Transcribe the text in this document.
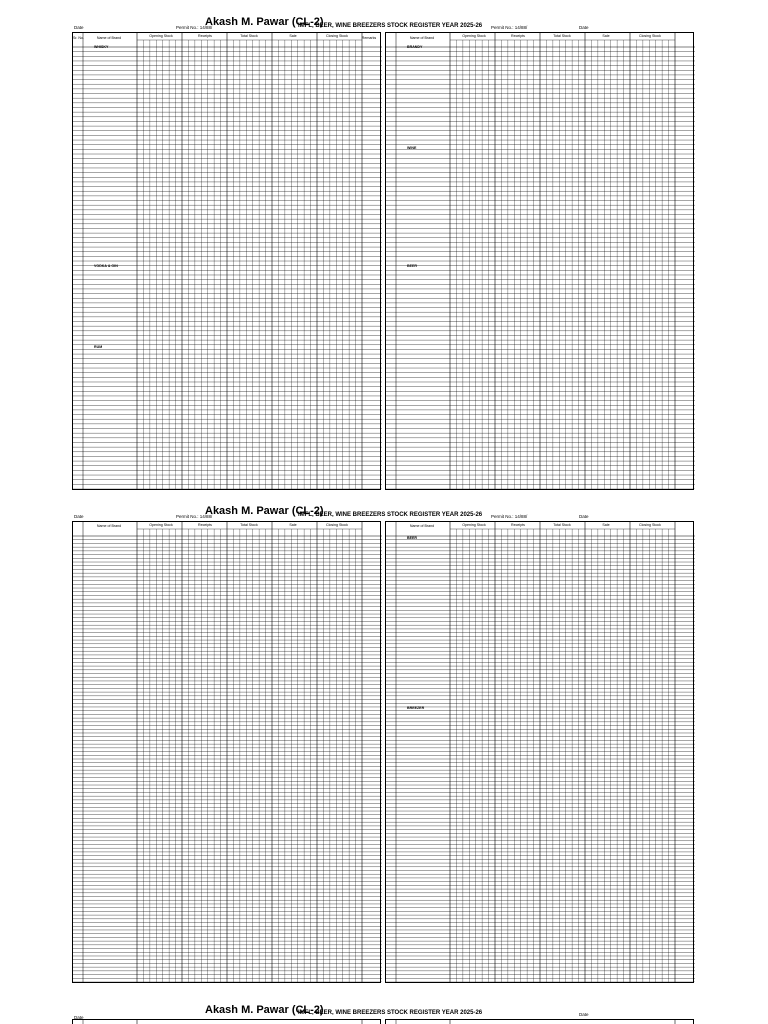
Date	Permit No.: 14/88/
Akash M. Pawar (CL-2)
IMFL, BEER, WINE BREEZERS
Sr. No.	Name of Brand	Opening Stock	Receipts	Total Stock	Sale	Closing Stock	Remarks
WHISKY
VODKA & GIN
RUM
STOCK REGISTER YEAR 2025-26 Permit No.: 14/88/	Date
Name of Brand	Opening Stock	Receipts	Total Stock	Sale	Closing Stock
BRANDY
WINE
BEER
Date	Permit No.: 14/88/
Akash M. Pawar (CL-2)
IMFL, BEER, WINE BREEZERS
Name of Brand	Opening Stock	Receipts	Total Stock	Sale	Closing Stock
STOCK REGISTER YEAR 2025-26 Permit No.: 14/88/	Date
Name of Brand	Opening Stock	Receipts	Total Stock	Sale	Closing Stock
BEER
BREEZER
Date
Akash M. Pawar (CL-2)
IMFL, BEER, WINE BREEZERS STOCK REGISTER YEAR 2025-26	Date
